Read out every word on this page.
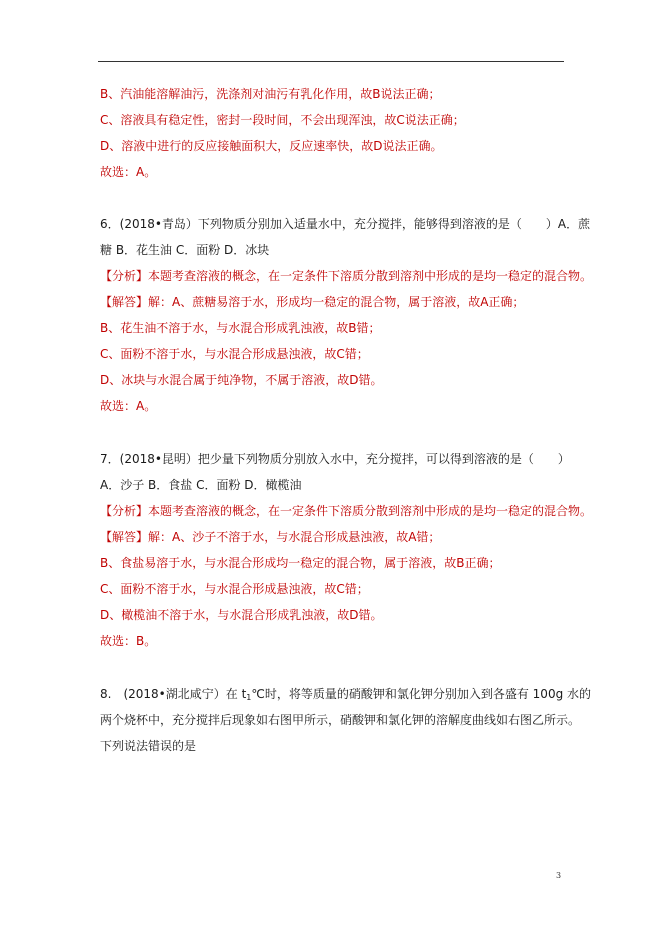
B、汽油能溶解油污，洗涤剂对油污有乳化作用，故B说法正确；
C、溶液具有稳定性，密封一段时间，不会出现浑浊，故C说法正确；
D、溶液中进行的反应接触面积大，反应速率快，故D说法正确。
故选：A。
6．(2018•青岛）下列物质分别加入适量水中，充分搅拌，能够得到溶液的是（　　）A．蔗
糖 B．花生油 C．面粉 D．冰块
【分析】本题考查溶液的概念，在一定条件下溶质分散到溶剂中形成的是均一稳定的混合物。
【解答】解：A、蔗糖易溶于水，形成均一稳定的混合物，属于溶液，故A正确；
B、花生油不溶于水，与水混合形成乳浊液，故B错；
C、面粉不溶于水，与水混合形成悬浊液，故C错；
D、冰块与水混合属于纯净物，不属于溶液，故D错。
故选：A。
7．(2018•昆明）把少量下列物质分别放入水中，充分搅拌，可以得到溶液的是（　　）
A．沙子 B．食盐 C．面粉 D．橄榄油
【分析】本题考查溶液的概念，在一定条件下溶质分散到溶剂中形成的是均一稳定的混合物。
【解答】解：A、沙子不溶于水，与水混合形成悬浊液，故A错；
B、食盐易溶于水，与水混合形成均一稳定的混合物，属于溶液，故B正确；
C、面粉不溶于水，与水混合形成悬浊液，故C错；
D、橄榄油不溶于水，与水混合形成乳浊液，故D错。
故选：B。
8.　(2018•湖北咸宁）在 $t_1℃$时，将等质量的硝酸钾和氯化钾分别加入到各盛有 100g 水的
两个烧杯中，充分搅拌后现象如右图甲所示，硝酸钾和氯化钾的溶解度曲线如右图乙所示。
下列说法错误的是
3
